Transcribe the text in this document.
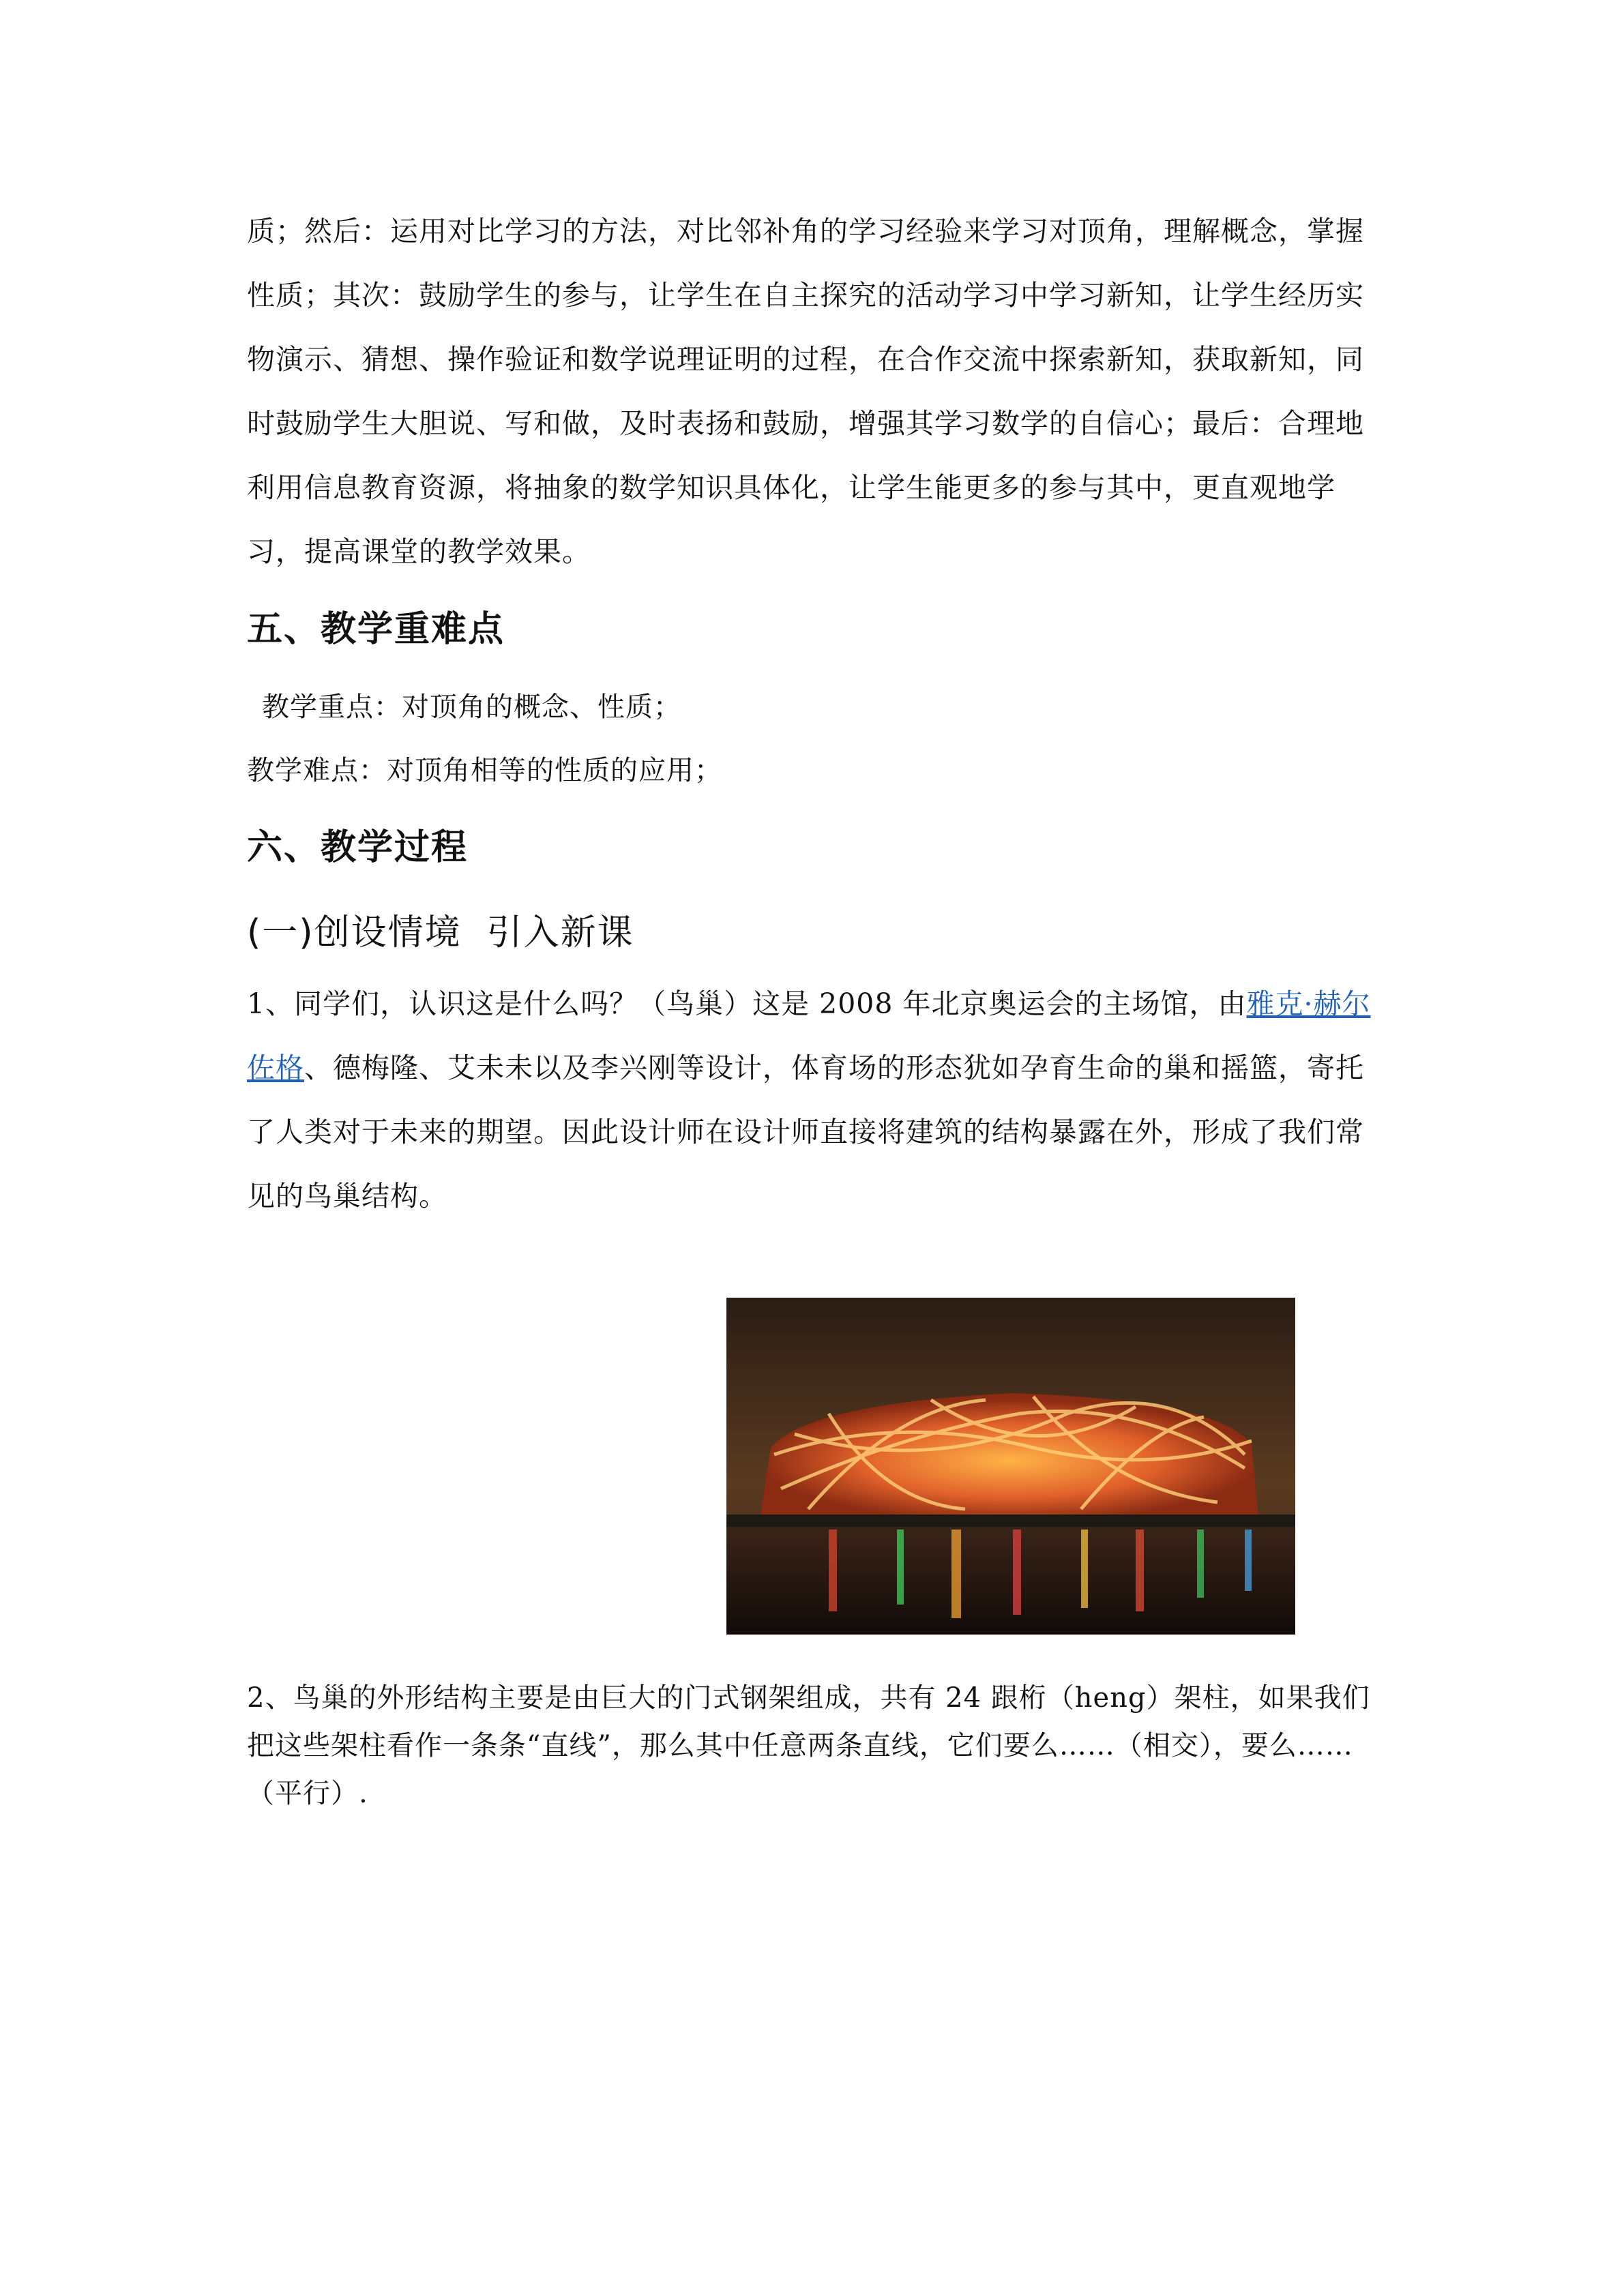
质；然后：运用对比学习的方法，对比邻补角的学习经验来学习对顶角，理解概念，掌握性质；其次：鼓励学生的参与，让学生在自主探究的活动学习中学习新知，让学生经历实物演示、猜想、操作验证和数学说理证明的过程，在合作交流中探索新知，获取新知，同时鼓励学生大胆说、写和做，及时表扬和鼓励，增强其学习数学的自信心；最后：合理地利用信息教育资源，将抽象的数学知识具体化，让学生能更多的参与其中，更直观地学习，提高课堂的教学效果。

五、教学重难点

教学重点：对顶角的概念、性质；

教学难点：对顶角相等的性质的应用；

六、教学过程
(一)创设情境  引入新课

1、同学们，认识这是什么吗？（鸟巢）这是 2008 年北京奥运会的主场馆，由雅克·赫尔佐格、德梅隆、艾未未以及李兴刚等设计，体育场的形态犹如孕育生命的巢和摇篮，寄托了人类对于未来的期望。因此设计师在设计师直接将建筑的结构暴露在外，形成了我们常见的鸟巢结构。

2、鸟巢的外形结构主要是由巨大的门式钢架组成，共有 24 跟桁（heng）架柱，如果我们把这些架柱看作一条条“直线”，那么其中任意两条直线，它们要么……（相交），要么……（平行）.
